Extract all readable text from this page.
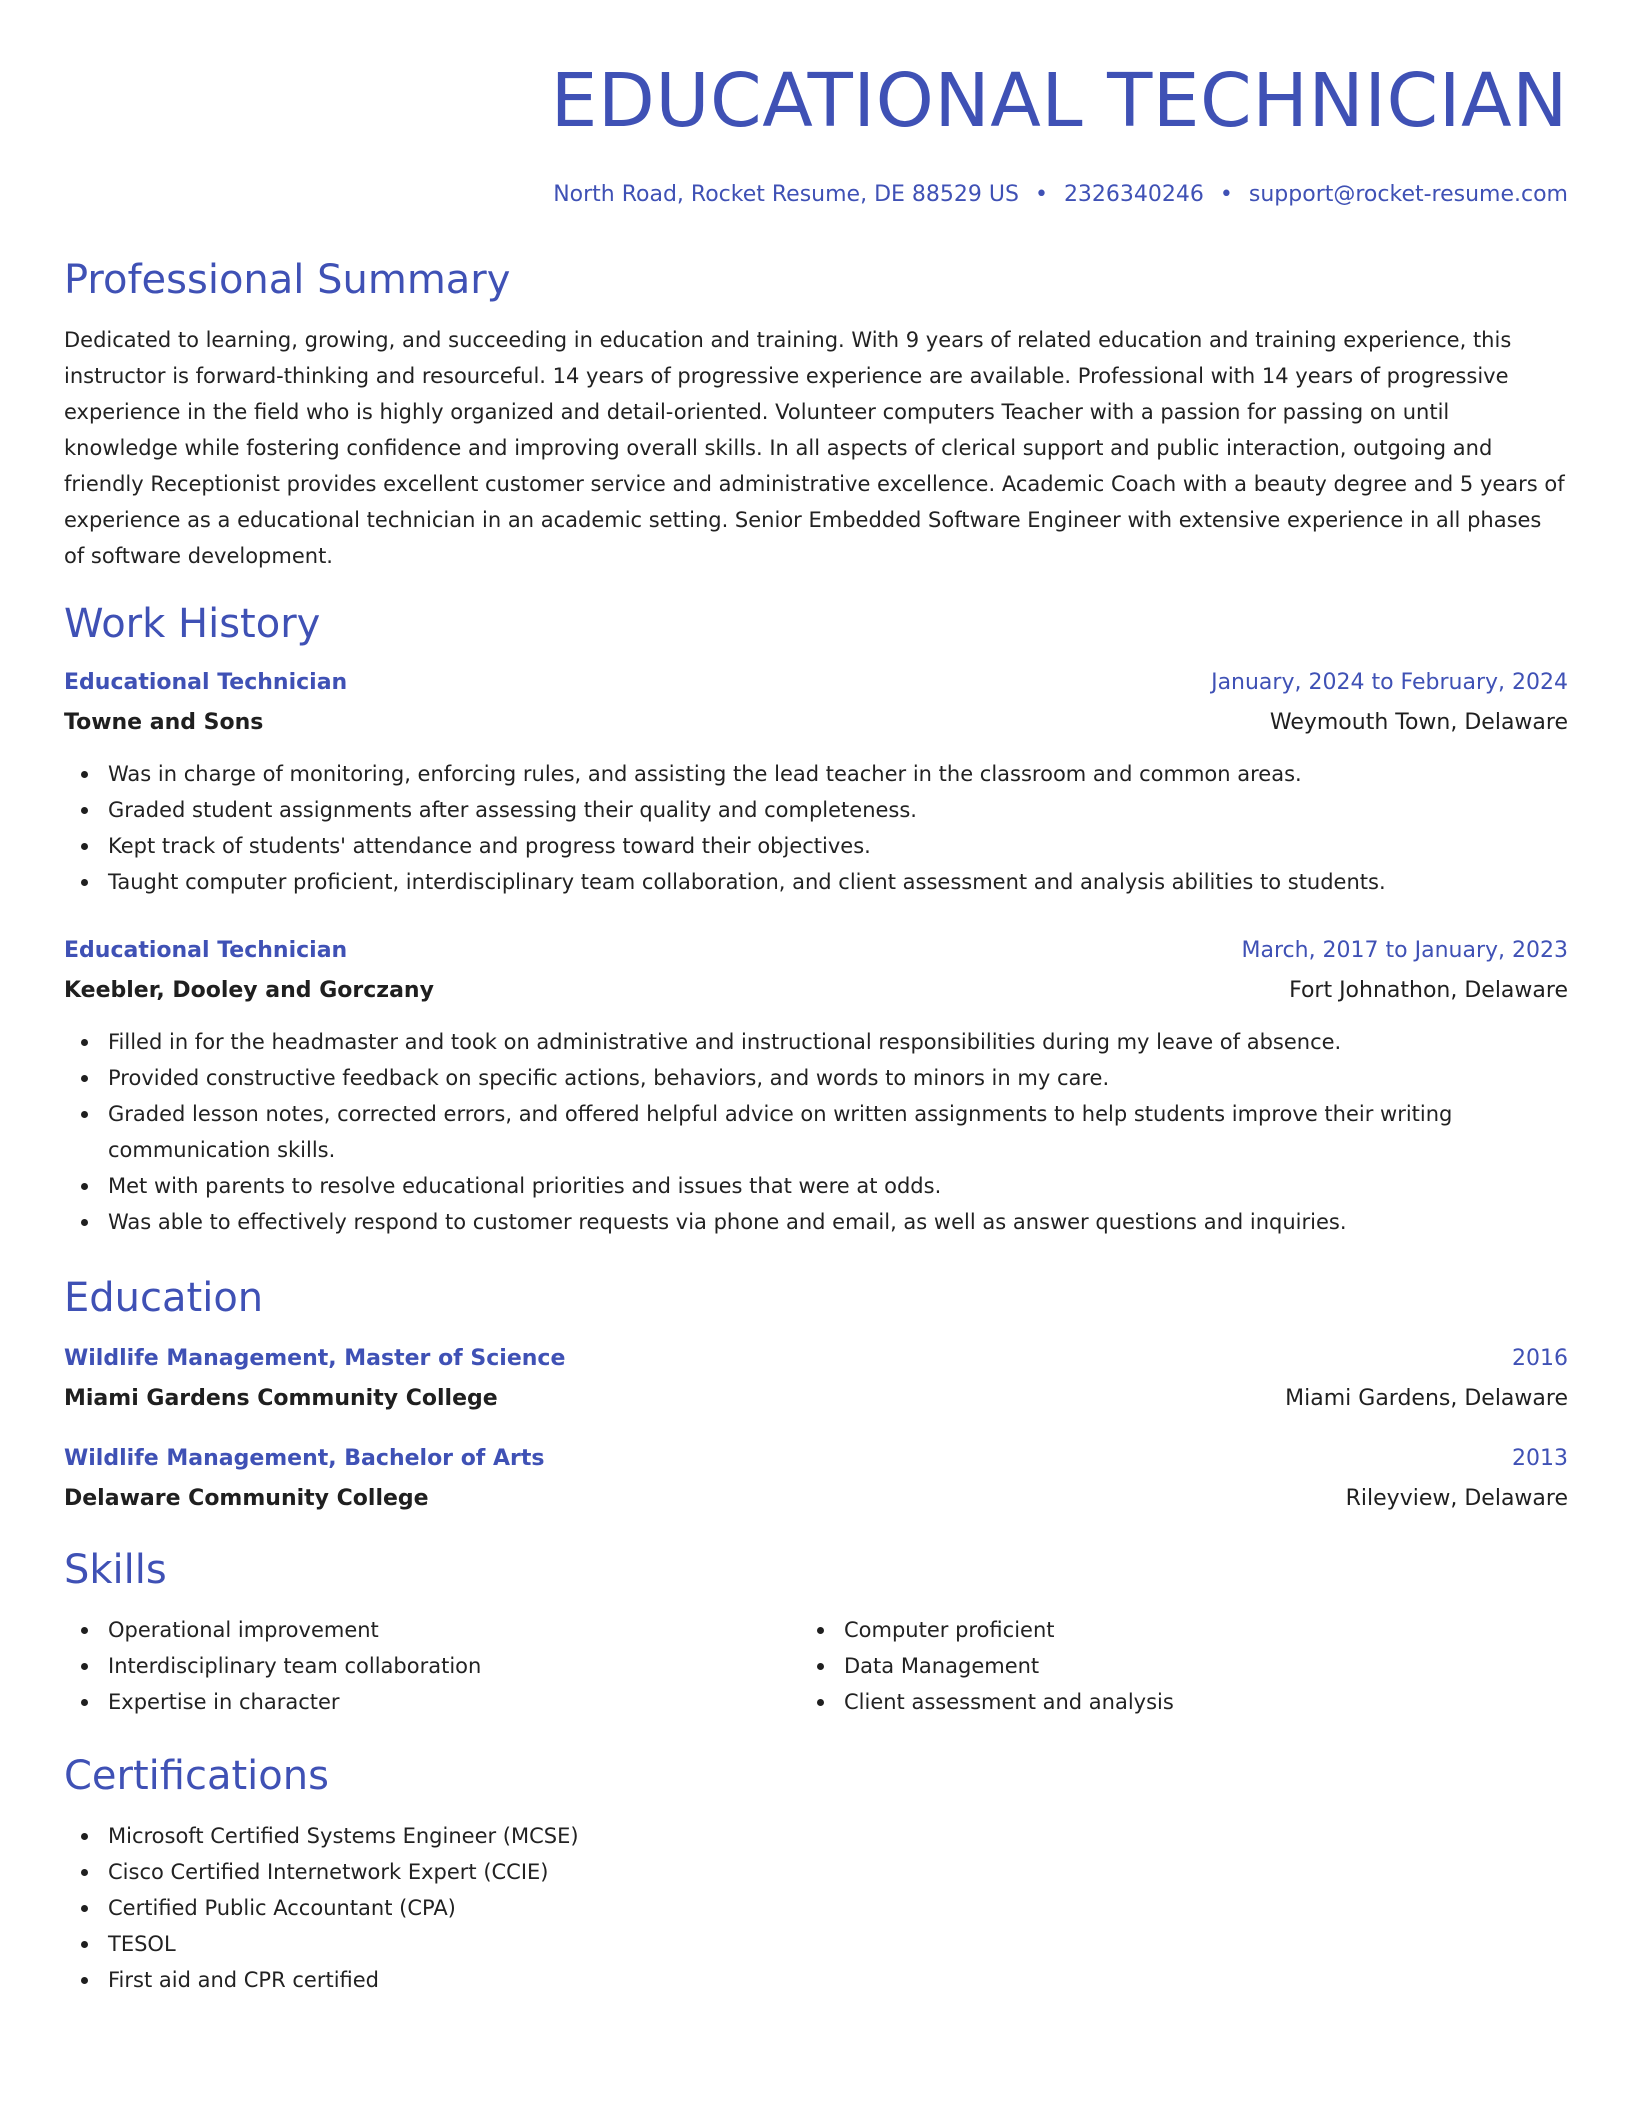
EDUCATIONAL TECHNICIAN
North Road, Rocket Resume, DE 88529 US • 2326340246 • support@rocket-resume.com
Professional Summary

Dedicated to learning, growing, and succeeding in education and training. With 9 years of related education and training experience, this instructor is forward-thinking and resourceful. 14 years of progressive experience are available. Professional with 14 years of progressive experience in the field who is highly organized and detail-oriented. Volunteer computers Teacher with a passion for passing on until knowledge while fostering confidence and improving overall skills. In all aspects of clerical support and public interaction, outgoing and friendly Receptionist provides excellent customer service and administrative excellence. Academic Coach with a beauty degree and 5 years of experience as a educational technician in an academic setting. Senior Embedded Software Engineer with extensive experience in all phases of software development.

Work History
Educational Technician	January, 2024 to February, 2024
Towne and Sons	Weymouth Town, Delaware
Was in charge of monitoring, enforcing rules, and assisting the lead teacher in the classroom and common areas.
Graded student assignments after assessing their quality and completeness.
Kept track of students' attendance and progress toward their objectives.
Taught computer proficient, interdisciplinary team collaboration, and client assessment and analysis abilities to students.
Educational Technician	March, 2017 to January, 2023
Keebler, Dooley and Gorczany	Fort Johnathon, Delaware
Filled in for the headmaster and took on administrative and instructional responsibilities during my leave of absence.
Provided constructive feedback on specific actions, behaviors, and words to minors in my care.
Graded lesson notes, corrected errors, and offered helpful advice on written assignments to help students improve their writing communication skills.
Met with parents to resolve educational priorities and issues that were at odds.
Was able to effectively respond to customer requests via phone and email, as well as answer questions and inquiries.
Education
Wildlife Management, Master of Science	2016
Miami Gardens Community College	Miami Gardens, Delaware
Wildlife Management, Bachelor of Arts	2013
Delaware Community College	Rileyview, Delaware
Skills
Operational improvement
Interdisciplinary team collaboration
Expertise in character
Computer proficient
Data Management
Client assessment and analysis
Certifications
Microsoft Certified Systems Engineer (MCSE)
Cisco Certified Internetwork Expert (CCIE)
Certified Public Accountant (CPA)
TESOL
First aid and CPR certified
